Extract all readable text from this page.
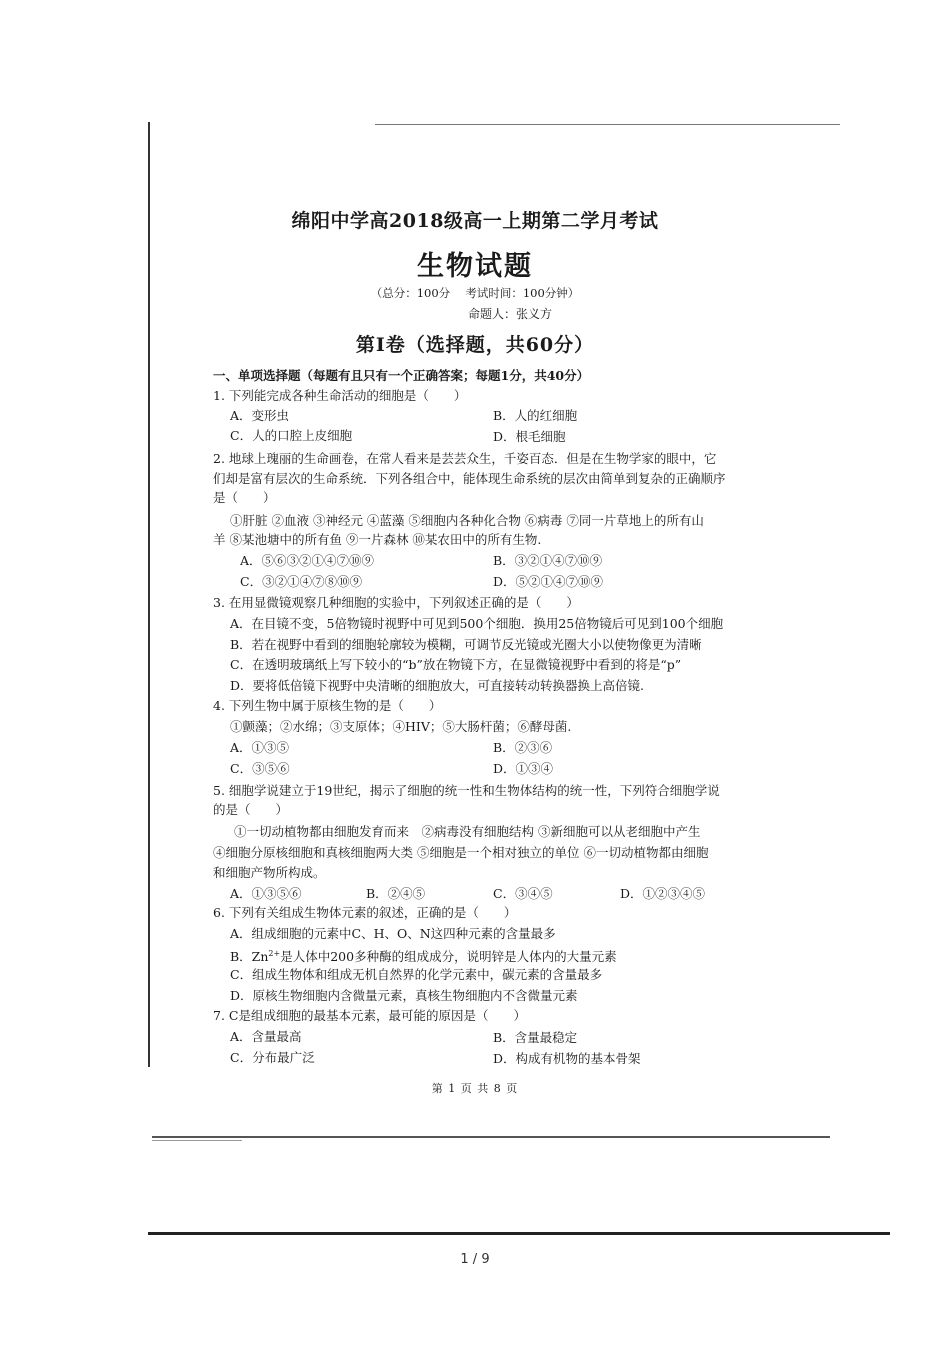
绵阳中学高2018级高一上期第二学月考试
生物试题
（总分：100分　 考试时间：100分钟）
命题人：张义方
第Ⅰ卷（选择题，共60分）
一、单项选择题（每题有且只有一个正确答案；每题1分，共40分）
1. 下列能完成各种生命活动的细胞是（　　）
A．变形虫	B．人的红细胞
C．人的口腔上皮细胞	D．根毛细胞
2. 地球上瑰丽的生命画卷，在常人看来是芸芸众生，千姿百态．但是在生物学家的眼中，它
们却是富有层次的生命系统．下列各组合中，能体现生命系统的层次由简单到复杂的正确顺序
是（　　）
①肝脏 ②血液 ③神经元 ④蓝藻 ⑤细胞内各种化合物 ⑥病毒 ⑦同一片草地上的所有山
羊 ⑧某池塘中的所有鱼 ⑨一片森林 ⑩某农田中的所有生物.
A．⑤⑥③②①④⑦⑩⑨	B．③②①④⑦⑩⑨
C．③②①④⑦⑧⑩⑨	D．⑤②①④⑦⑩⑨
3. 在用显微镜观察几种细胞的实验中，下列叙述正确的是（　　）
A．在目镜不变，5倍物镜时视野中可见到500个细胞．换用25倍物镜后可见到100个细胞
B．若在视野中看到的细胞轮廓较为模糊，可调节反光镜或光圈大小以使物像更为清晰
C．在透明玻璃纸上写下较小的“b”放在物镜下方，在显微镜视野中看到的将是“p”
D．要将低倍镜下视野中央清晰的细胞放大，可直接转动转换器换上高倍镜.
4. 下列生物中属于原核生物的是（　　）
①颤藻；②水绵；③支原体；④HIV；⑤大肠杆菌；⑥酵母菌.
A．①③⑤	B．②③⑥
C．③⑤⑥	D．①③④
5. 细胞学说建立于19世纪，揭示了细胞的统一性和生物体结构的统一性，下列符合细胞学说
的是（　　）
①一切动植物都由细胞发育而来　②病毒没有细胞结构 ③新细胞可以从老细胞中产生
④细胞分原核细胞和真核细胞两大类 ⑤细胞是一个相对独立的单位 ⑥一切动植物都由细胞
和细胞产物所构成。
A．①③⑤⑥	B．②④⑤	C．③④⑤	D．①②③④⑤
6. 下列有关组成生物体元素的叙述，正确的是（　　）
A．组成细胞的元素中C、H、O、N这四种元素的含量最多
B．$Zn^{2+}$是人体中200多种酶的组成成分，说明锌是人体内的大量元素
C．组成生物体和组成无机自然界的化学元素中，碳元素的含量最多
D．原核生物细胞内含微量元素，真核生物细胞内不含微量元素
7. C是组成细胞的最基本元素，最可能的原因是（　　）
A．含量最高	B．含量最稳定
C．分布最广泛	D．构成有机物的基本骨架
第 1 页 共 8 页
1 / 9
